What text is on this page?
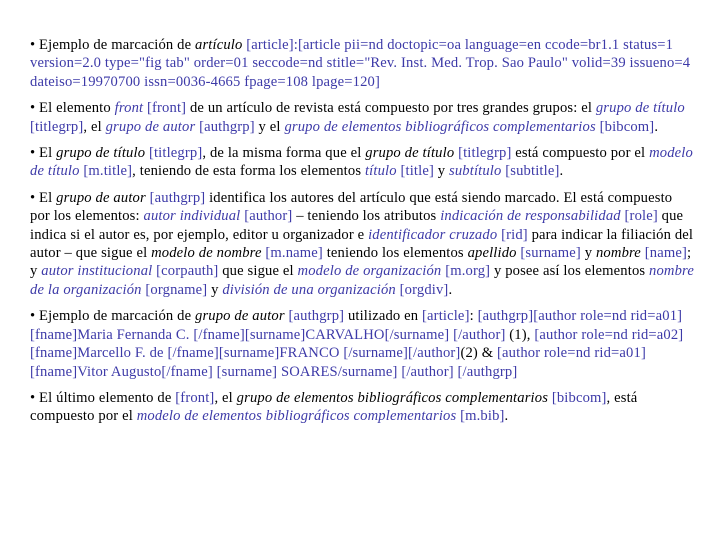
• Ejemplo de marcación de artículo [article]:[article pii=nd doctopic=oa language=en ccode=br1.1 status=1 version=2.0 type="fig tab" order=01 seccode=nd stitle="Rev. Inst. Med. Trop. Sao Paulo" volid=39 issueno=4 dateiso=19970700 issn=0036-4665 fpage=108 lpage=120]

• El elemento front [front] de un artículo de revista está compuesto por tres grandes grupos: el grupo de título [titlegrp], el grupo de autor [authgrp] y el grupo de elementos bibliográficos complementarios [bibcom].

• El grupo de título [titlegrp], de la misma forma que el grupo de título [titlegrp] está compuesto por el modelo de título [m.title], teniendo de esta forma los elementos título [title] y subtítulo [subtitle].

• El grupo de autor [authgrp] identifica los autores del artículo que está siendo marcado. El está compuesto por los elementos: autor individual [author] – teniendo los atributos indicación de responsabilidad [role] que indica si el autor es, por ejemplo, editor u organizador e identificador cruzado [rid] para indicar la filiación del autor – que sigue el modelo de nombre [m.name] teniendo los elementos apellido [surname] y nombre [name]; y autor institucional [corpauth] que sigue el modelo de organización [m.org] y posee así los elementos nombre de la organización [orgname] y división de una organización [orgdiv].

• Ejemplo de marcación de grupo de autor [authgrp] utilizado en [article]: [authgrp][author role=nd rid=a01][fname]Maria Fernanda C. [/fname][surname]CARVALHO[/surname] [/author] (1), [author role=nd rid=a02][fname]Marcello F. de [/fname][surname]FRANCO [/surname][/author](2) & [author role=nd rid=a01][fname]Vitor Augusto[/fname] [surname] SOARES/surname] [/author] [/authgrp]

• El último elemento de [front], el grupo de elementos bibliográficos complementarios [bibcom], está compuesto por el modelo de elementos bibliográficos complementarios [m.bib].
